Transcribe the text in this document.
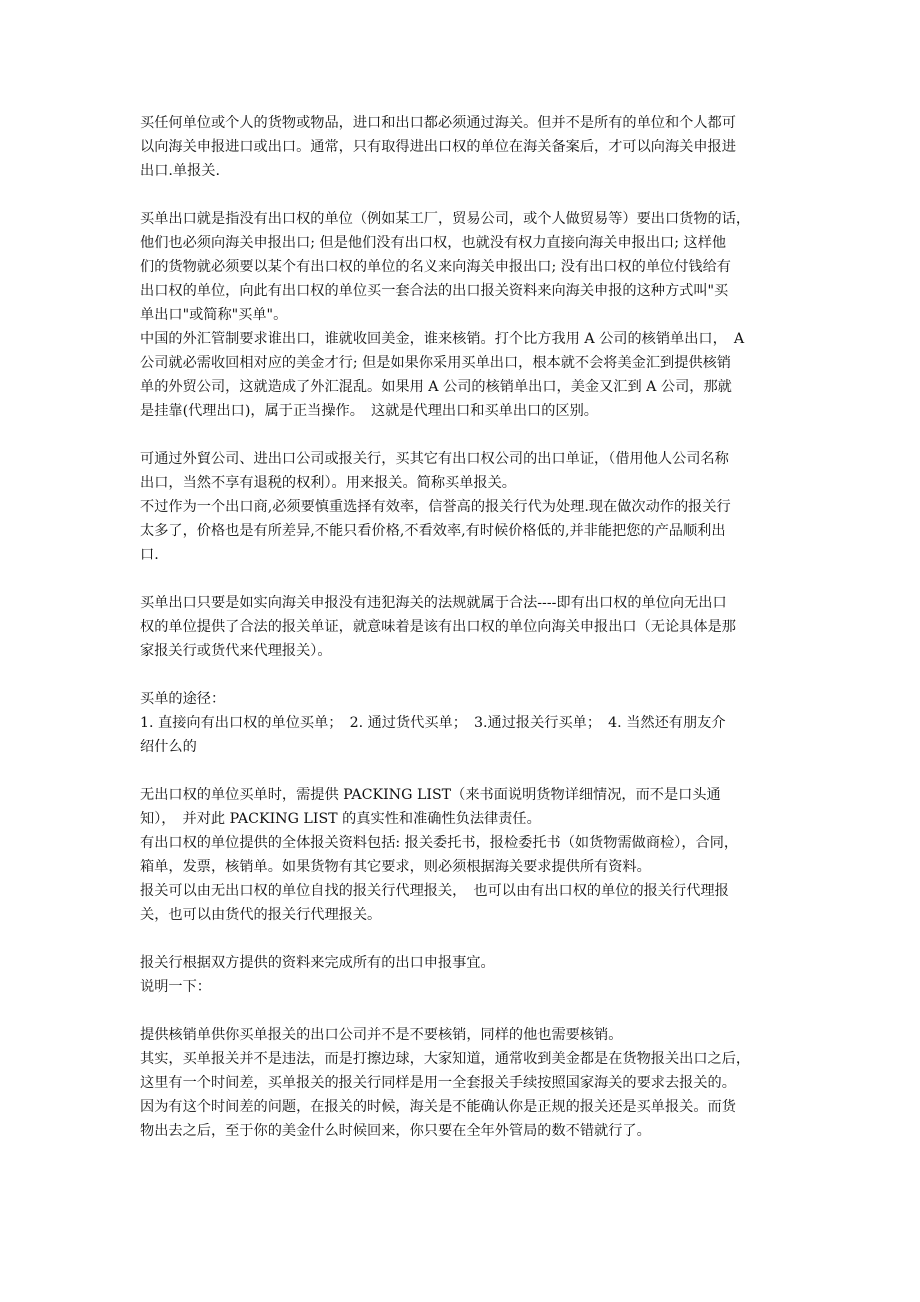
买任何单位或个人的货物或物品，进口和出口都必须通过海关。但并不是所有的单位和个人都可
以向海关申报进口或出口。通常，只有取得进出口权的单位在海关备案后，才可以向海关申报进
出口.单报关.

买单出口就是指没有出口权的单位（例如某工厂，贸易公司，或个人做贸易等）要出口货物的话，
他们也必须向海关申报出口; 但是他们没有出口权，也就没有权力直接向海关申报出口; 这样他
们的货物就必须要以某个有出口权的单位的名义来向海关申报出口; 没有出口权的单位付钱给有
出口权的单位，向此有出口权的单位买一套合法的出口报关资料来向海关申报的这种方式叫"买
单出口"或简称"买单"。

中国的外汇管制要求谁出口，谁就收回美金，谁来核销。打个比方我用 A 公司的核销单出口，　A
公司就必需收回相对应的美金才行; 但是如果你采用买单出口，根本就不会将美金汇到提供核销
单的外贸公司，这就造成了外汇混乱。如果用 A 公司的核销单出口，美金又汇到 A 公司，那就
是挂靠(代理出口)，属于正当操作。　这就是代理出口和买单出口的区别。

可通过外貿公司、进出口公司或报关行，买其它有出口权公司的出口单证，（借用他人公司名称
出口，当然不享有退税的权利）。用来报关。简称买单报关。

不过作为一个出口商,必须要慎重选择有效率，信誉高的报关行代为处理.现在做次动作的报关行
太多了，价格也是有所差异,不能只看价格,不看效率,有时候价格低的,并非能把您的产品顺利出
口.

买单出口只要是如实向海关申报没有违犯海关的法规就属于合法----即有出口权的单位向无出口
权的单位提供了合法的报关单证，就意味着是该有出口权的单位向海关申报出口（无论具体是那
家报关行或货代来代理报关）。

买单的途径：

1. 直接向有出口权的单位买单；　2. 通过货代买单；　3.通过报关行买单；　4. 当然还有朋友介
绍什么的

无出口权的单位买单时，需提供 PACKING LIST（来书面说明货物详细情况，而不是口头通
知），　并对此 PACKING LIST 的真实性和准确性负法律责任。

有出口权的单位提供的全体报关资料包括: 报关委托书，报检委托书（如货物需做商检），合同，
箱单，发票，核销单。如果货物有其它要求，则必须根据海关要求提供所有资料。

报关可以由无出口权的单位自找的报关行代理报关，　也可以由有出口权的单位的报关行代理报
关，也可以由货代的报关行代理报关。

报关行根据双方提供的资料来完成所有的出口申报事宜。

说明一下：

提供核销单供你买单报关的出口公司并不是不要核销，同样的他也需要核销。

其实，买单报关并不是违法，而是打擦边球，大家知道，通常收到美金都是在货物报关出口之后，
这里有一个时间差，买单报关的报关行同样是用一全套报关手续按照国家海关的要求去报关的。
因为有这个时间差的问题，在报关的时候，海关是不能确认你是正规的报关还是买单报关。而货
物出去之后，至于你的美金什么时候回来，你只要在全年外管局的数不错就行了。
